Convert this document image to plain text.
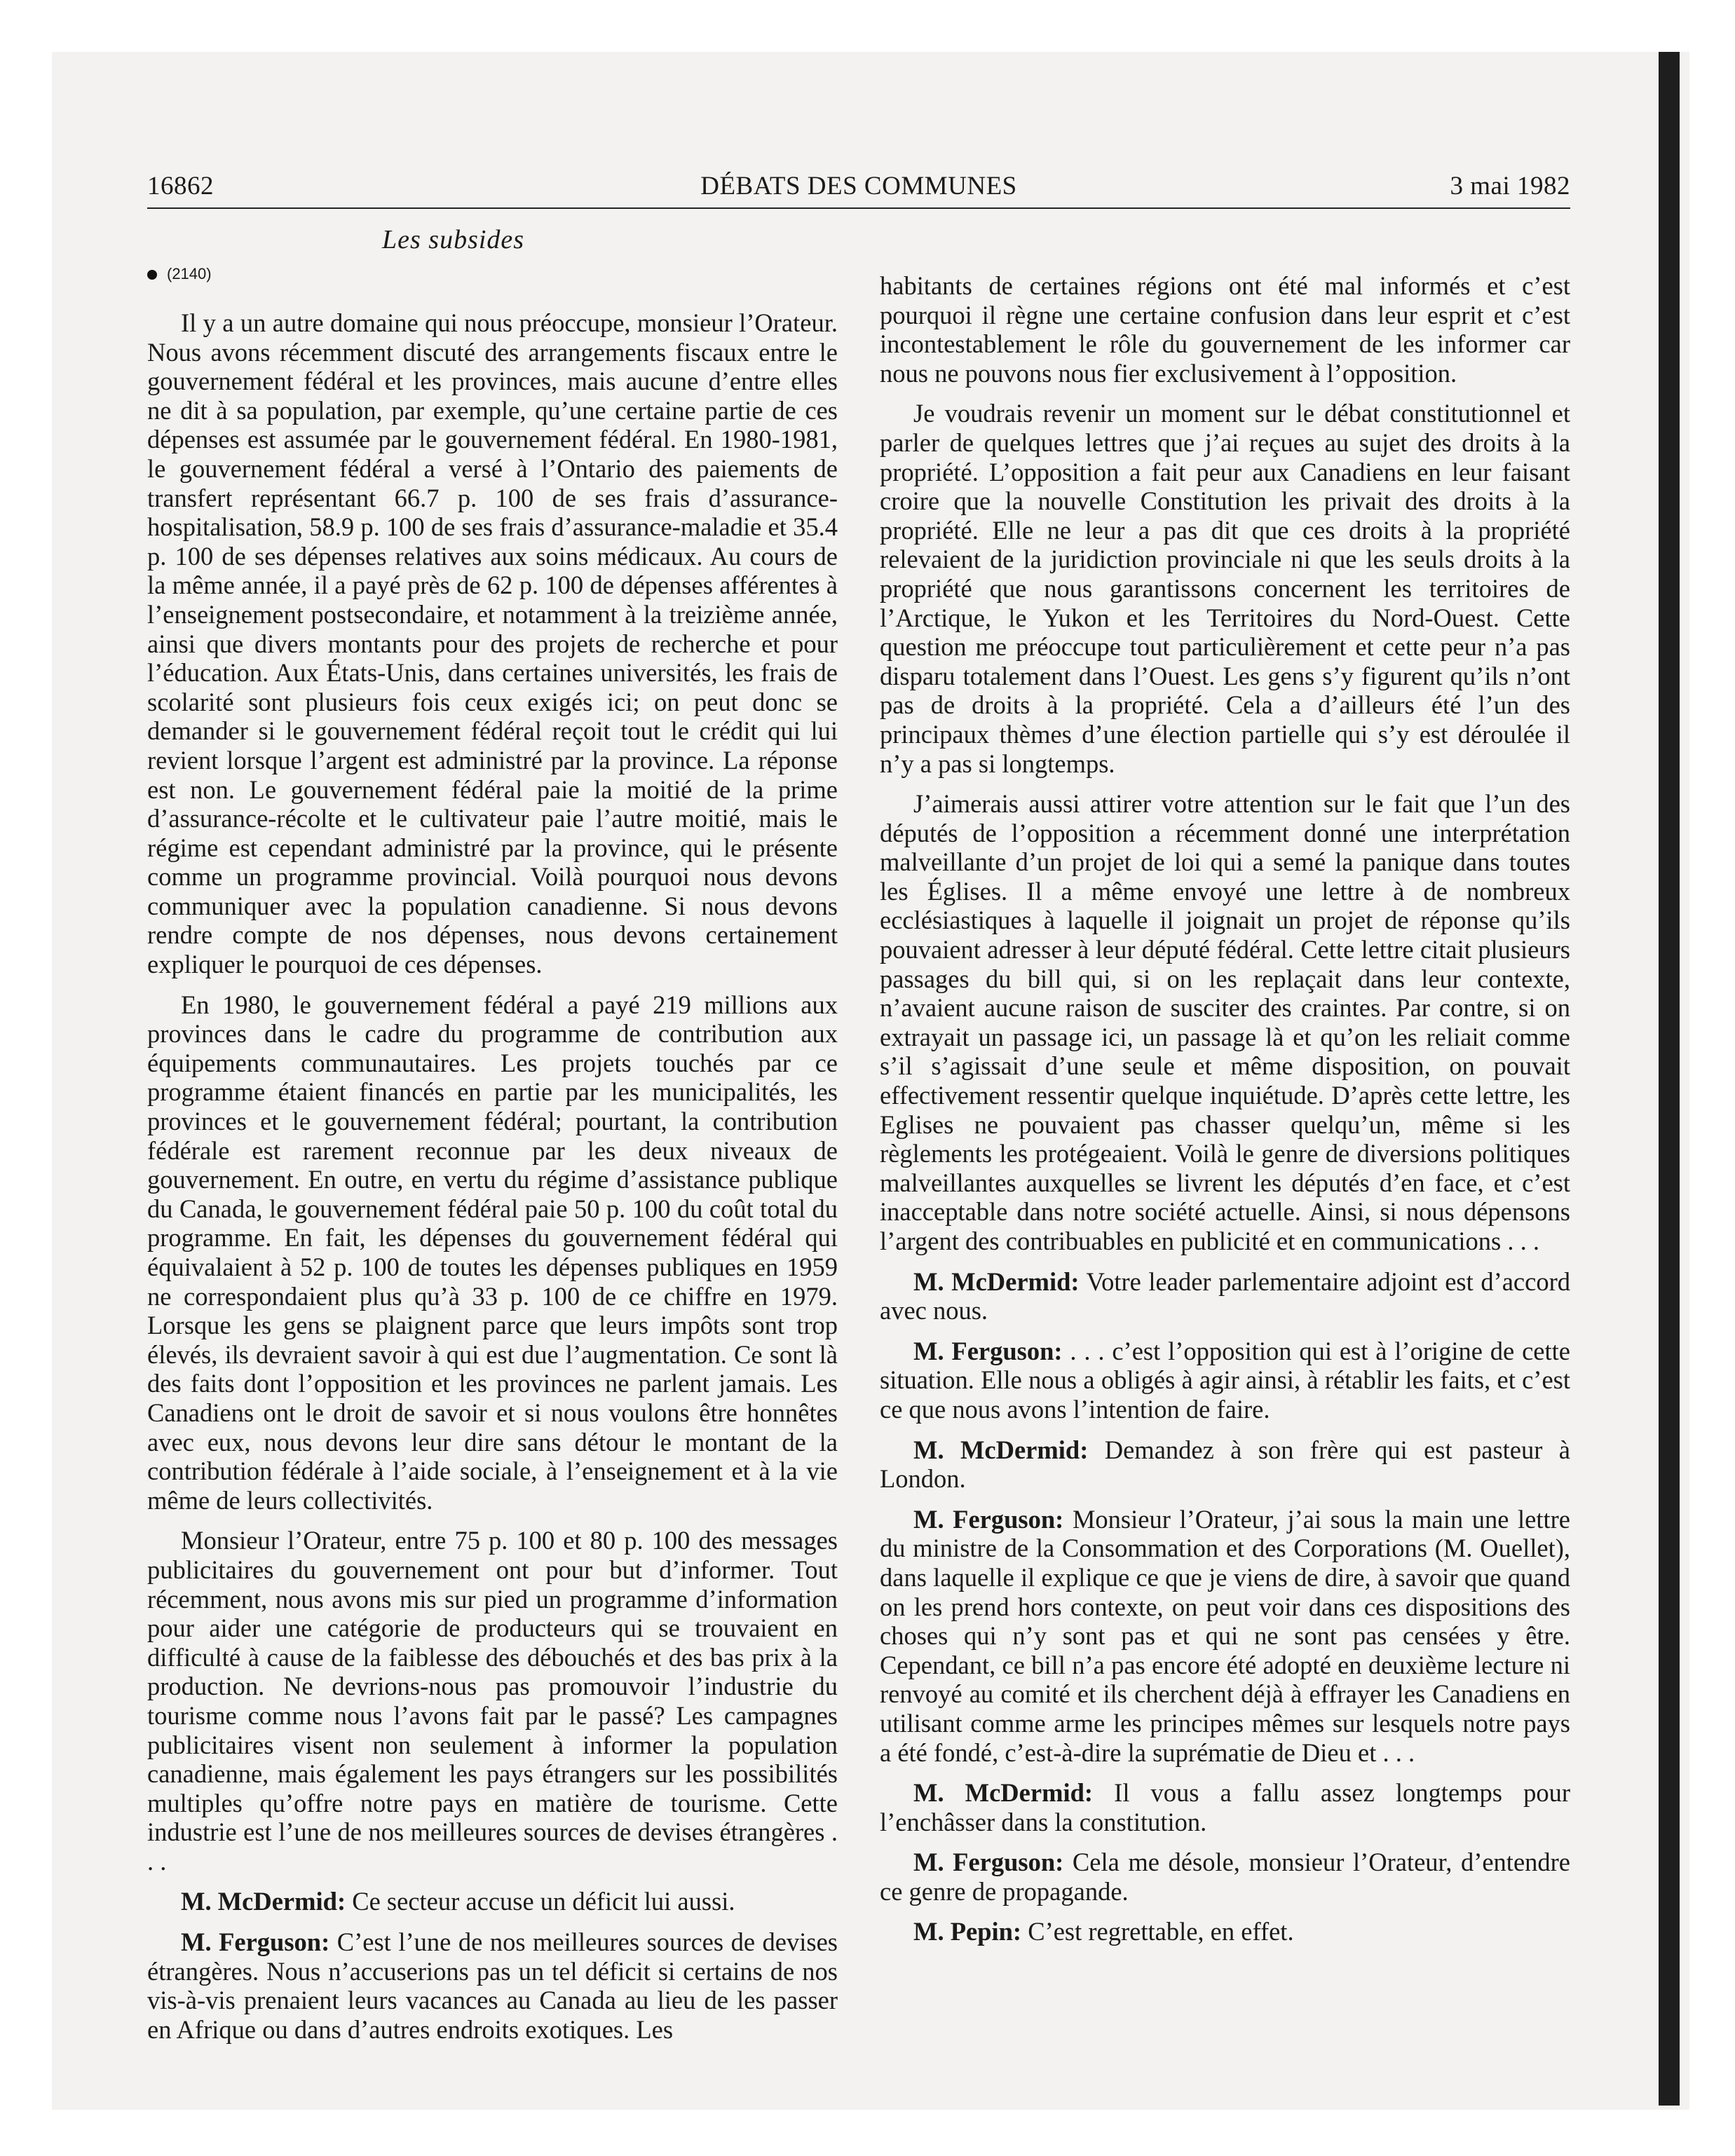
16862	DÉBATS DES COMMUNES	3 mai 1982
Les subsides
(2140)

Il y a un autre domaine qui nous préoccupe, monsieur l’Orateur. Nous avons récemment discuté des arrangements fiscaux entre le gouvernement fédéral et les provinces, mais aucune d’entre elles ne dit à sa population, par exemple, qu’une certaine partie de ces dépenses est assumée par le gouvernement fédéral. En 1980-1981, le gouvernement fédéral a versé à l’Ontario des paiements de transfert représentant 66.7 p. 100 de ses frais d’assurance-hospitalisation, 58.9 p. 100 de ses frais d’assurance-maladie et 35.4 p. 100 de ses dépenses relatives aux soins médicaux. Au cours de la même année, il a payé près de 62 p. 100 de dépenses afférentes à l’enseignement postsecondaire, et notamment à la treizième année, ainsi que divers montants pour des projets de recherche et pour l’éducation. Aux États-Unis, dans certaines universités, les frais de scolarité sont plusieurs fois ceux exigés ici; on peut donc se demander si le gouvernement fédéral reçoit tout le crédit qui lui revient lorsque l’argent est administré par la province. La réponse est non. Le gouvernement fédéral paie la moitié de la prime d’assurance-récolte et le cultivateur paie l’autre moitié, mais le régime est cependant administré par la province, qui le présente comme un programme provincial. Voilà pourquoi nous devons communiquer avec la population canadienne. Si nous devons rendre compte de nos dépenses, nous devons certainement expliquer le pourquoi de ces dépenses.

En 1980, le gouvernement fédéral a payé 219 millions aux provinces dans le cadre du programme de contribution aux équipements communautaires. Les projets touchés par ce programme étaient financés en partie par les municipalités, les provinces et le gouvernement fédéral; pourtant, la contribution fédérale est rarement reconnue par les deux niveaux de gouvernement. En outre, en vertu du régime d’assistance publique du Canada, le gouvernement fédéral paie 50 p. 100 du coût total du programme. En fait, les dépenses du gouvernement fédéral qui équivalaient à 52 p. 100 de toutes les dépenses publiques en 1959 ne correspondaient plus qu’à 33 p. 100 de ce chiffre en 1979. Lorsque les gens se plaignent parce que leurs impôts sont trop élevés, ils devraient savoir à qui est due l’augmentation. Ce sont là des faits dont l’opposition et les provinces ne parlent jamais. Les Canadiens ont le droit de savoir et si nous voulons être honnêtes avec eux, nous devons leur dire sans détour le montant de la contribution fédérale à l’aide sociale, à l’enseignement et à la vie même de leurs collectivités.

Monsieur l’Orateur, entre 75 p. 100 et 80 p. 100 des messages publicitaires du gouvernement ont pour but d’informer. Tout récemment, nous avons mis sur pied un programme d’information pour aider une catégorie de producteurs qui se trouvaient en difficulté à cause de la faiblesse des débouchés et des bas prix à la production. Ne devrions-nous pas promouvoir l’industrie du tourisme comme nous l’avons fait par le passé? Les campagnes publicitaires visent non seulement à informer la population canadienne, mais également les pays étrangers sur les possibilités multiples qu’offre notre pays en matière de tourisme. Cette industrie est l’une de nos meilleures sources de devises étrangères . . .

M. McDermid: Ce secteur accuse un déficit lui aussi.

M. Ferguson: C’est l’une de nos meilleures sources de devises étrangères. Nous n’accuserions pas un tel déficit si certains de nos vis-à-vis prenaient leurs vacances au Canada au lieu de les passer en Afrique ou dans d’autres endroits exotiques. Les

habitants de certaines régions ont été mal informés et c’est pourquoi il règne une certaine confusion dans leur esprit et c’est incontestablement le rôle du gouvernement de les informer car nous ne pouvons nous fier exclusivement à l’opposition.

Je voudrais revenir un moment sur le débat constitutionnel et parler de quelques lettres que j’ai reçues au sujet des droits à la propriété. L’opposition a fait peur aux Canadiens en leur faisant croire que la nouvelle Constitution les privait des droits à la propriété. Elle ne leur a pas dit que ces droits à la propriété relevaient de la juridiction provinciale ni que les seuls droits à la propriété que nous garantissons concernent les territoires de l’Arctique, le Yukon et les Territoires du Nord-Ouest. Cette question me préoccupe tout particulièrement et cette peur n’a pas disparu totalement dans l’Ouest. Les gens s’y figurent qu’ils n’ont pas de droits à la propriété. Cela a d’ailleurs été l’un des principaux thèmes d’une élection partielle qui s’y est déroulée il n’y a pas si longtemps.

J’aimerais aussi attirer votre attention sur le fait que l’un des députés de l’opposition a récemment donné une interprétation malveillante d’un projet de loi qui a semé la panique dans toutes les Églises. Il a même envoyé une lettre à de nombreux ecclésiastiques à laquelle il joignait un projet de réponse qu’ils pouvaient adresser à leur député fédéral. Cette lettre citait plusieurs passages du bill qui, si on les replaçait dans leur contexte, n’avaient aucune raison de susciter des craintes. Par contre, si on extrayait un passage ici, un passage là et qu’on les reliait comme s’il s’agissait d’une seule et même disposition, on pouvait effectivement ressentir quelque inquiétude. D’après cette lettre, les Eglises ne pouvaient pas chasser quelqu’un, même si les règlements les protégeaient. Voilà le genre de diversions politiques malveillantes auxquelles se livrent les députés d’en face, et c’est inacceptable dans notre société actuelle. Ainsi, si nous dépensons l’argent des contribuables en publicité et en communications . . .

M. McDermid: Votre leader parlementaire adjoint est d’accord avec nous.

M. Ferguson: . . . c’est l’opposition qui est à l’origine de cette situation. Elle nous a obligés à agir ainsi, à rétablir les faits, et c’est ce que nous avons l’intention de faire.

M. McDermid: Demandez à son frère qui est pasteur à London.

M. Ferguson: Monsieur l’Orateur, j’ai sous la main une lettre du ministre de la Consommation et des Corporations (M. Ouellet), dans laquelle il explique ce que je viens de dire, à savoir que quand on les prend hors contexte, on peut voir dans ces dispositions des choses qui n’y sont pas et qui ne sont pas censées y être. Cependant, ce bill n’a pas encore été adopté en deuxième lecture ni renvoyé au comité et ils cherchent déjà à effrayer les Canadiens en utilisant comme arme les principes mêmes sur lesquels notre pays a été fondé, c’est-à-dire la suprématie de Dieu et . . .

M. McDermid: Il vous a fallu assez longtemps pour l’enchâsser dans la constitution.

M. Ferguson: Cela me désole, monsieur l’Orateur, d’entendre ce genre de propagande.

M. Pepin: C’est regrettable, en effet.
